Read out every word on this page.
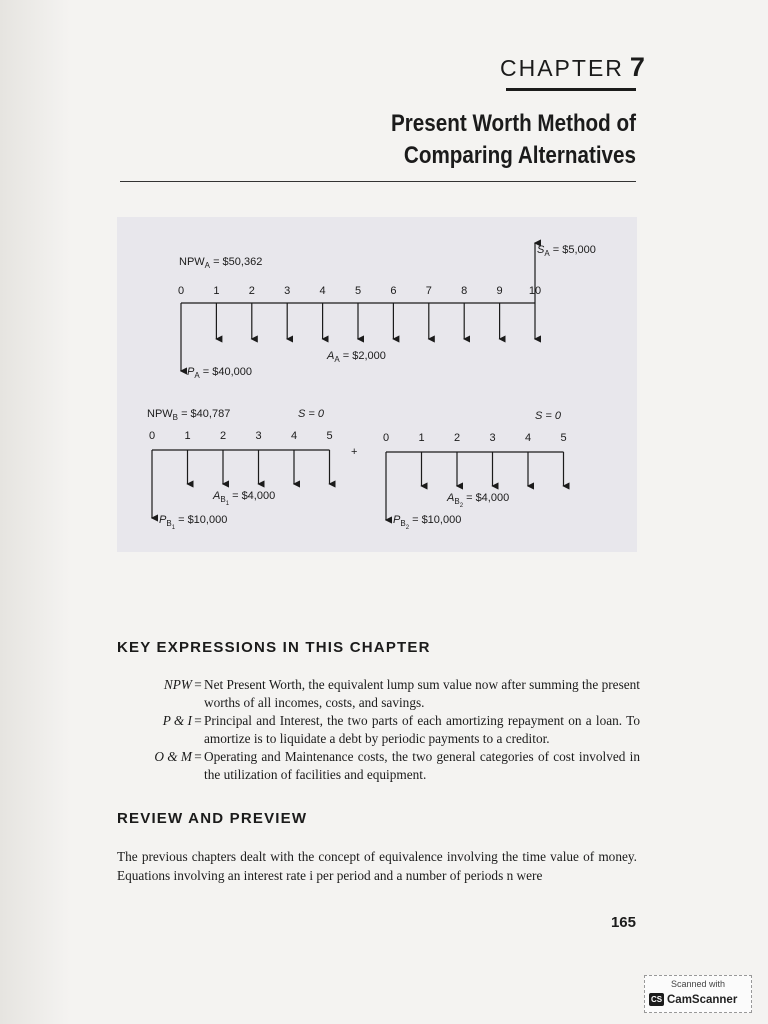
CHAPTER 7
Present Worth Method of
Comparing Alternatives
0	1	2	3	4	5	6	7	8	9 10
0	1	2	3	4	5	0	1	2	3	4	5
$NPW_A$ = $50,362
$S_A$ = $5,000
$A_A$ = $2,000
$P_A$ = $40,000
$NPW_B$ = $40,787	S = 0	S = 0
+
$A_{B1}$ = $4,000
$P_{B1}$ = $10,000
$A_{B2}$ = $4,000
$P_{B2}$ = $10,000
KEY EXPRESSIONS IN THIS CHAPTER
NPW = Net Present Worth, the equivalent lump sum value now after summing the present worths of all incomes, costs, and savings.
P & I = Principal and Interest, the two parts of each amortizing repayment on a loan. To amortize is to liquidate a debt by periodic payments to a creditor.
O & M = Operating and Maintenance costs, the two general categories of cost involved in the utilization of facilities and equipment.
REVIEW AND PREVIEW
The previous chapters dealt with the concept of equivalence involving the time value of money. Equations involving an interest rate i per period and a number of periods n were
165
Scanned with
CS CamScanner
